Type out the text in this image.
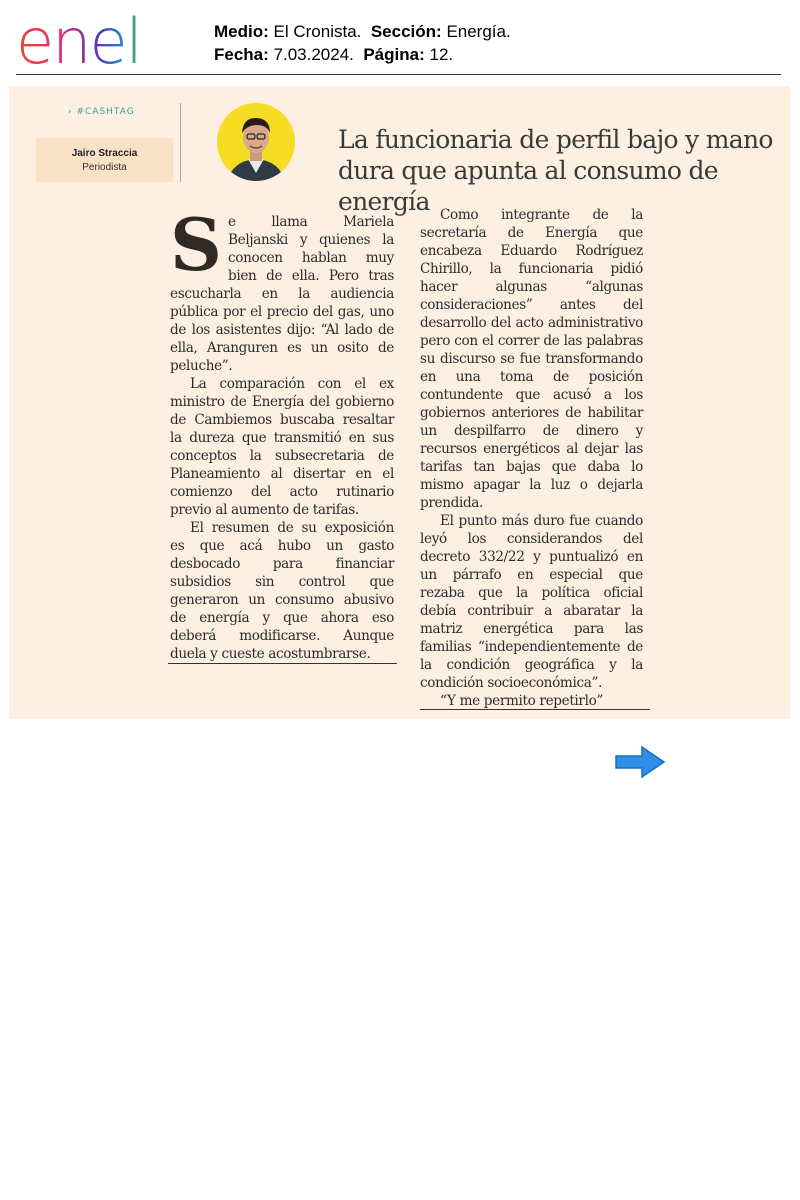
enel	Medio: El Cronista. Sección: Energía.
Fecha: 7.03.2024. Página: 12.
› #CASHTAG
Jairo Straccia
Periodista
La funcionaria de perfil bajo y mano dura que apunta al consumo de energía
S e llama Mariela Beljanski y quienes la conocen hablan muy bien de ella. Pero tras escucharla en la audiencia pública por el precio del gas, uno de los asistentes dijo: “Al lado de ella, Aranguren es un osito de peluche”.

La comparación con el ex ministro de Energía del gobierno de Cambiemos buscaba resaltar la dureza que transmitió en sus conceptos la subsecretaria de Planeamiento al disertar en el comienzo del acto rutinario previo al aumento de tarifas.

El resumen de su exposición es que acá hubo un gasto desbocado para financiar subsidios sin control que generaron un consumo abusivo de energía y que ahora eso deberá modificarse. Aunque duela y cueste acostumbrarse.

Como integrante de la secretaría de Energía que encabeza Eduardo Rodríguez Chirillo, la funcionaria pidió hacer algunas “algunas consideraciones” antes del desarrollo del acto administrativo pero con el correr de las palabras su discurso se fue transformando en una toma de posición contundente que acusó a los gobiernos anteriores de habilitar un despilfarro de dinero y recursos energéticos al dejar las tarifas tan bajas que daba lo mismo apagar la luz o dejarla prendida.

El punto más duro fue cuando leyó los considerandos del decreto 332/22 y puntualizó en un párrafo en especial que rezaba que la política oficial debía contribuir a abaratar la matriz energética para las familias “independientemente de la condición geográfica y la condición socioeconómica”.

“Y me permito repetirlo”
